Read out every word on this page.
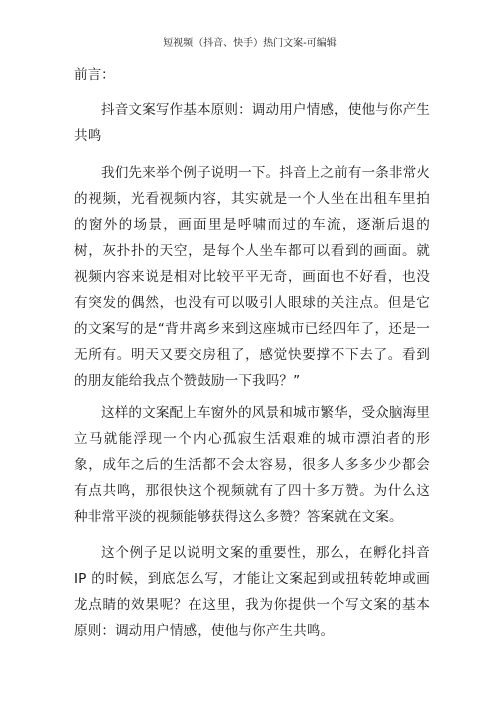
短视频（抖音、快手）热门文案-可编辑
前言：
抖音文案写作基本原则：调动用户情感，使他与你产生共鸣
我们先来举个例子说明一下。抖音上之前有一条非常火的视频，光看视频内容，其实就是一个人坐在出租车里拍的窗外的场景，画面里是呼啸而过的车流，逐渐后退的树，灰扑扑的天空，是每个人坐车都可以看到的画面。就视频内容来说是相对比较平平无奇，画面也不好看，也没有突发的偶然，也没有可以吸引人眼球的关注点。但是它的文案写的是“背井离乡来到这座城市已经四年了，还是一无所有。明天又要交房租了，感觉快要撑不下去了。看到的朋友能给我点个赞鼓励一下我吗？”
这样的文案配上车窗外的风景和城市繁华，受众脑海里立马就能浮现一个内心孤寂生活艰难的城市漂泊者的形象，成年之后的生活都不会太容易，很多人多多少少都会有点共鸣，那很快这个视频就有了四十多万赞。为什么这种非常平淡的视频能够获得这么多赞？答案就在文案。
这个例子足以说明文案的重要性，那么，在孵化抖音 IP 的时候，到底怎么写，才能让文案起到或扭转乾坤或画龙点睛的效果呢？在这里，我为你提供一个写文案的基本原则：调动用户情感，使他与你产生共鸣。
